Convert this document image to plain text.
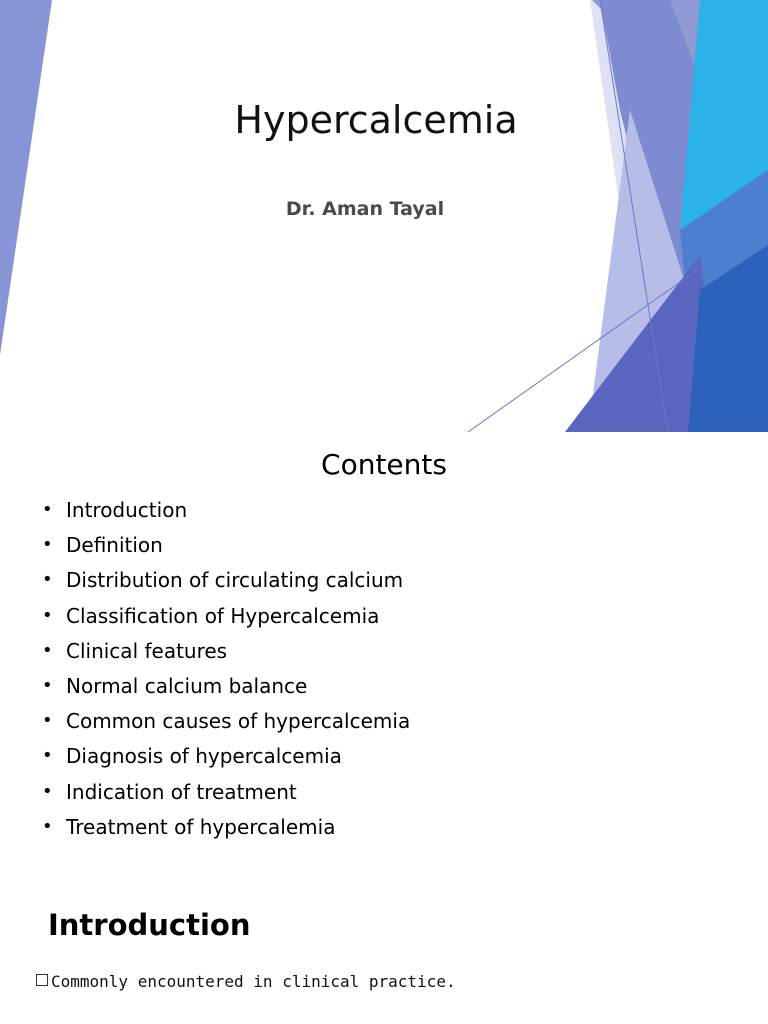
Hypercalcemia

Dr. Aman Tayal

Contents
• Introduction
• Definition
• Distribution of circulating calcium
• Classification of Hypercalcemia
• Clinical features
• Normal calcium balance
• Common causes of hypercalcemia
• Diagnosis of hypercalcemia
• Indication of treatment
• Treatment of hypercalemia
Introduction

Commonly encountered in clinical practice.
